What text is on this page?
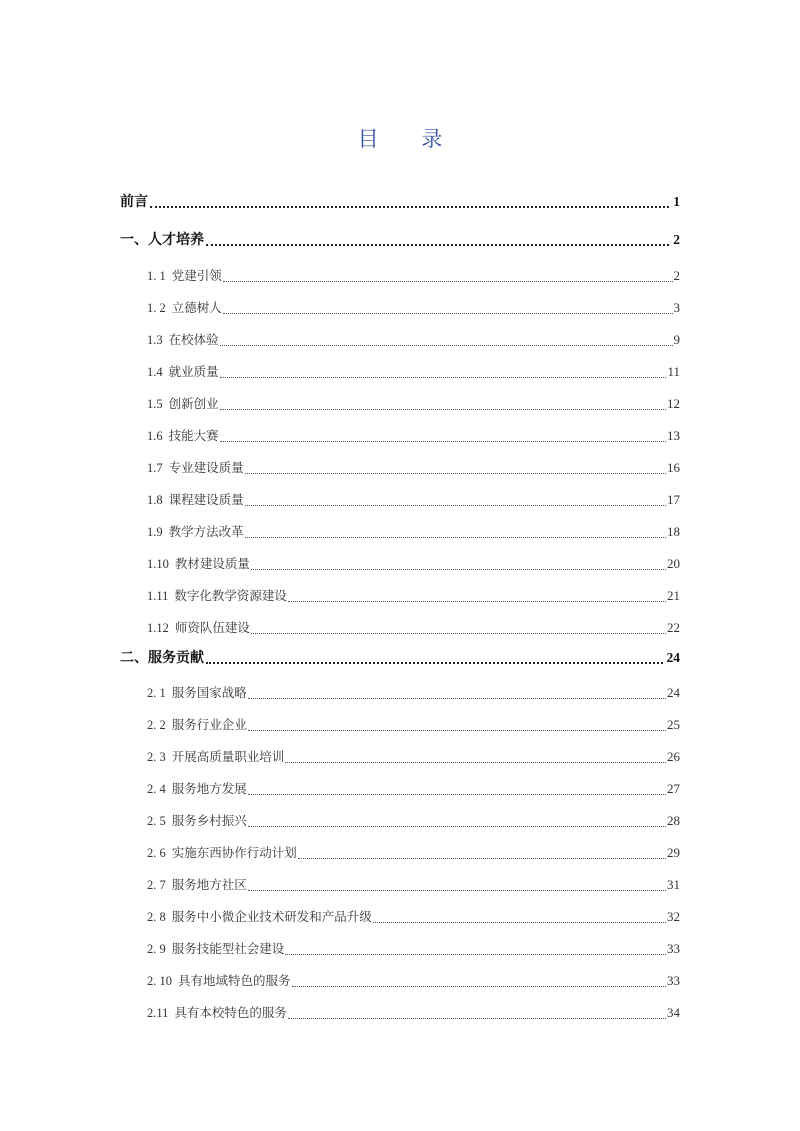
目 录
前言	1
一、 人才培养	2
1. 1 党建引领	2
1. 2 立德树人	3
1.3 在校体验	9
1.4 就业质量	11
1.5 创新创业	12
1.6 技能大赛	13
1.7 专业建设质量	16
1.8 课程建设质量	17
1.9 教学方法改革	18
1.10 教材建设质量	20
1.11 数字化教学资源建设	21
1.12 师资队伍建设	22
二、 服务贡献	24
2. 1 服务国家战略	24
2. 2 服务行业企业	25
2. 3 开展高质量职业培训	26
2. 4 服务地方发展	27
2. 5 服务乡村振兴	28
2. 6 实施东西协作行动计划	29
2. 7 服务地方社区	31
2. 8 服务中小微企业技术研发和产品升级	32
2. 9 服务技能型社会建设	33
2. 10 具有地域特色的服务	33
2.11 具有本校特色的服务	34
